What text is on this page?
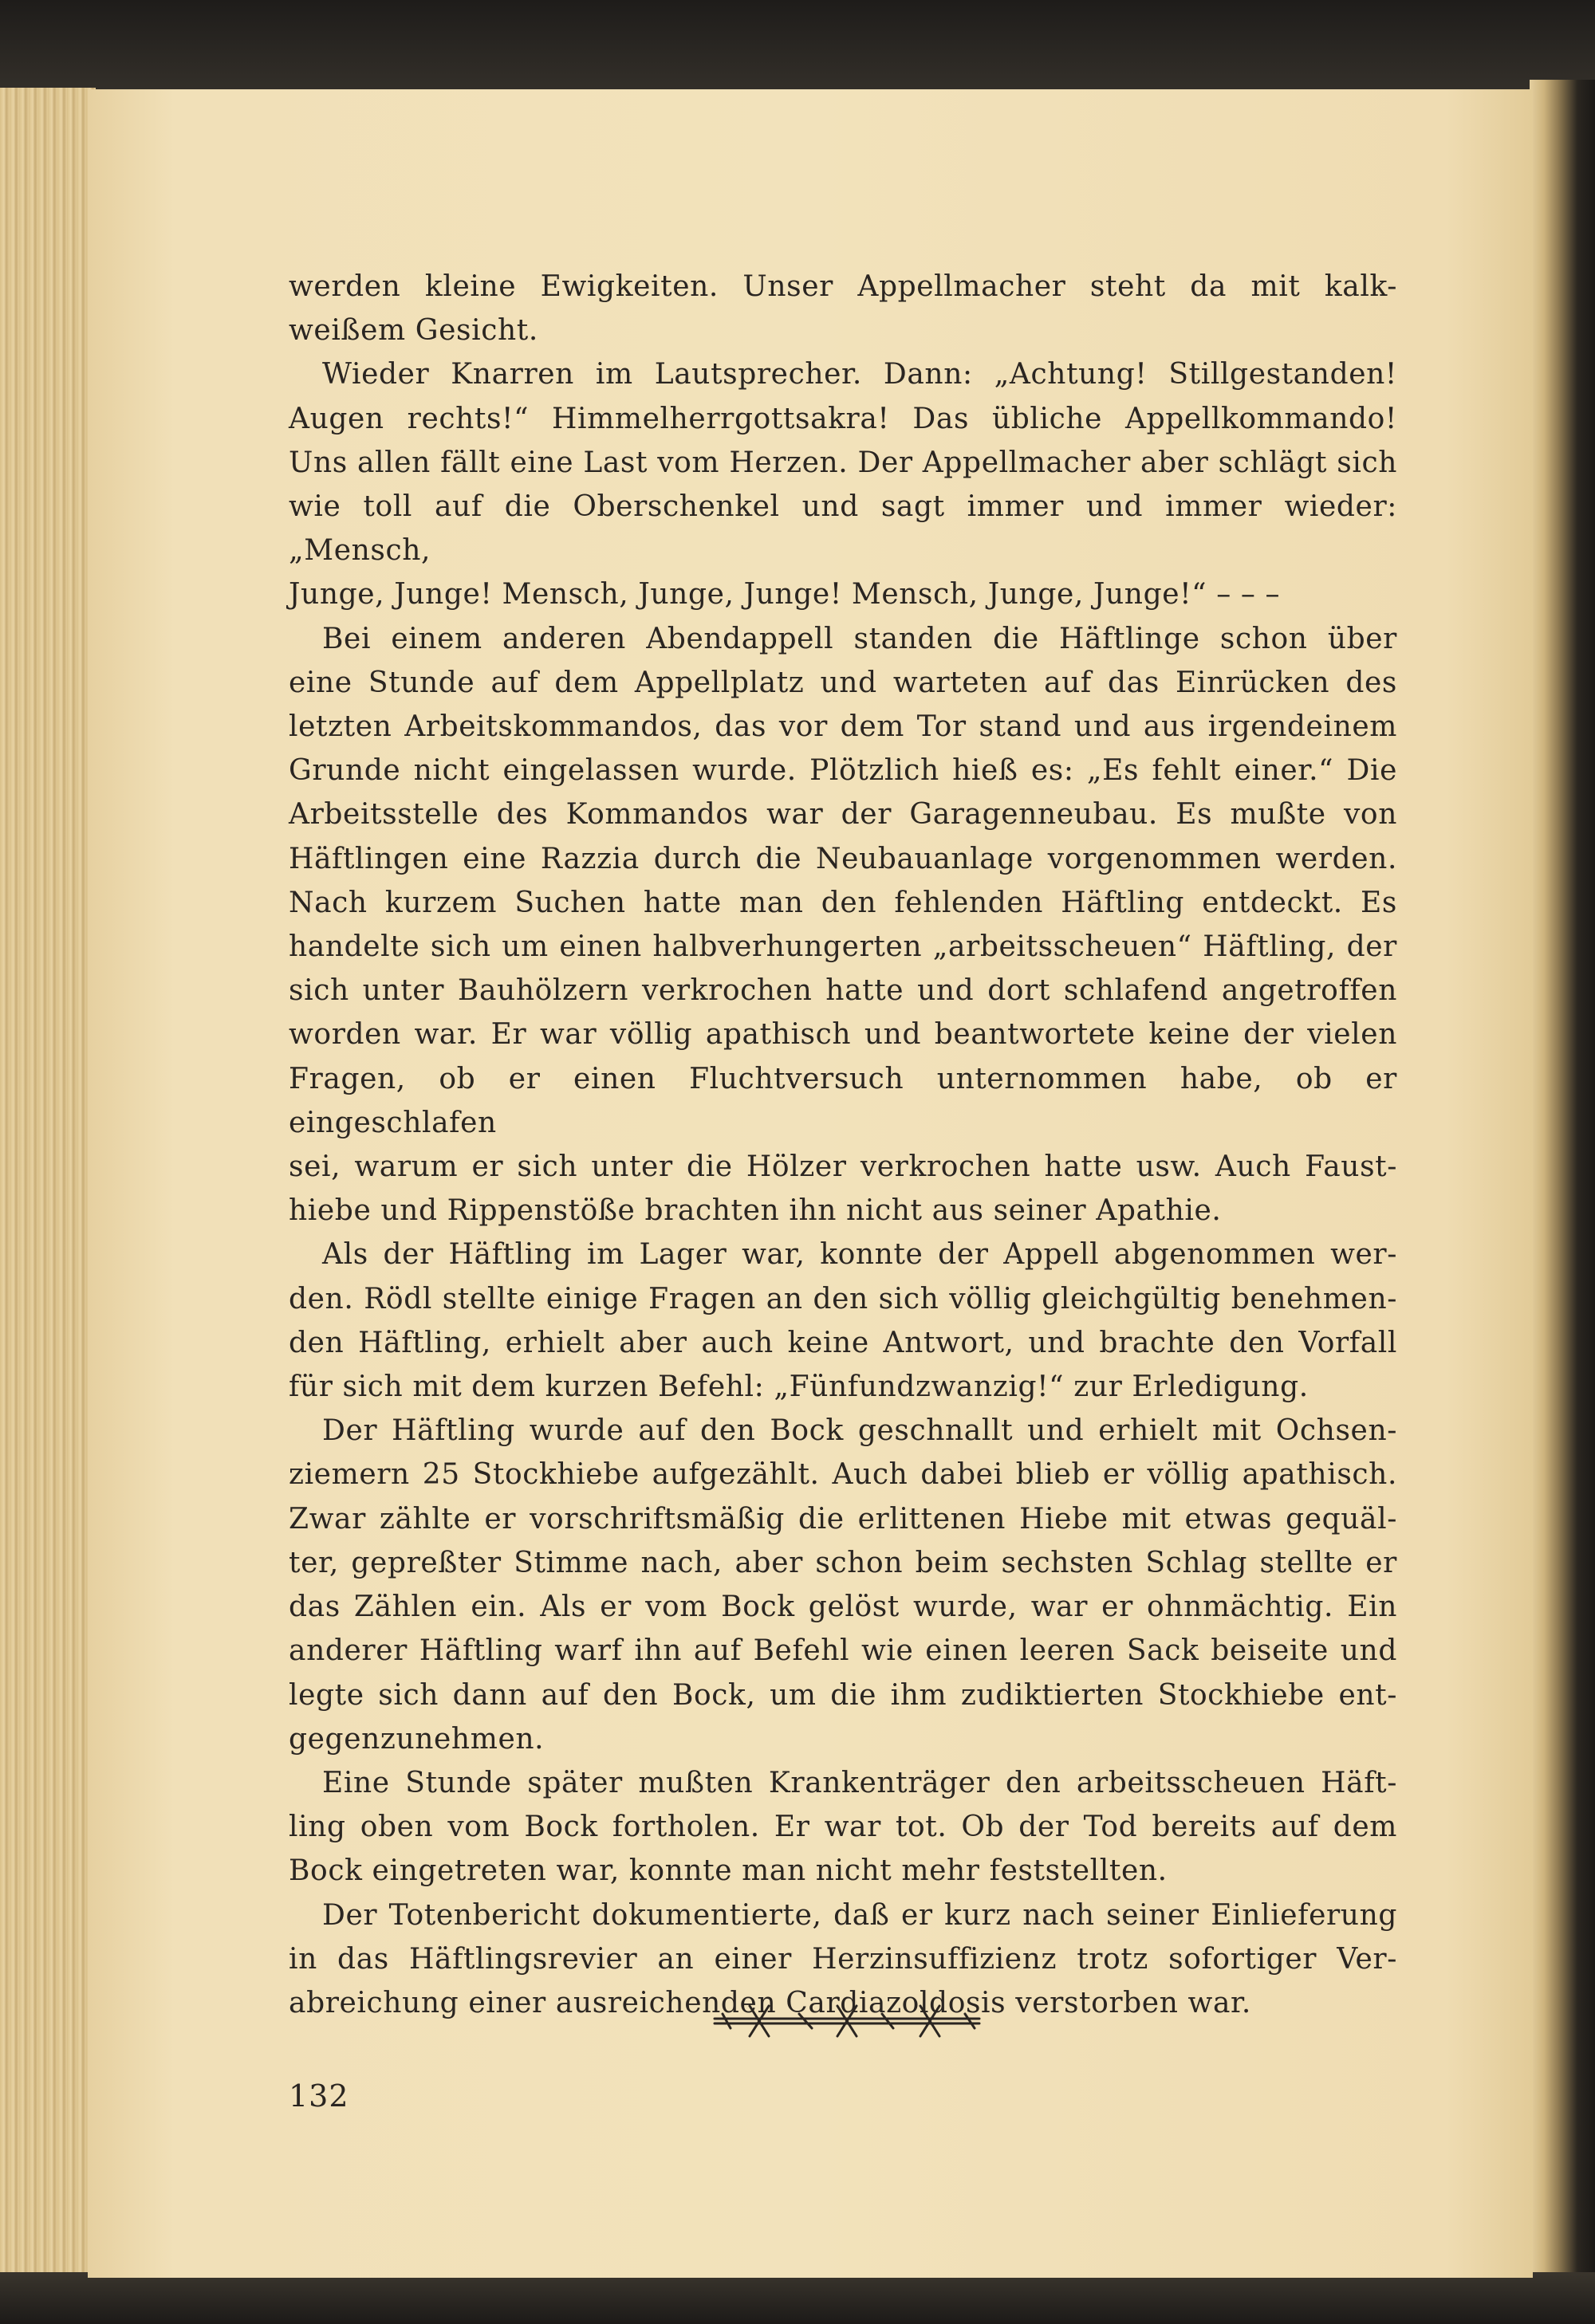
werden kleine Ewigkeiten. Unser Appellmacher steht da mit kalk-

weißem Gesicht.

Wieder Knarren im Lautsprecher. Dann: „Achtung! Stillgestanden!

Augen rechts!“ Himmelherrgottsakra! Das übliche Appellkommando!

Uns allen fällt eine Last vom Herzen. Der Appellmacher aber schlägt sich

wie toll auf die Oberschenkel und sagt immer und immer wieder: „Mensch,

Junge, Junge! Mensch, Junge, Junge! Mensch, Junge, Junge!“ – – –

Bei einem anderen Abendappell standen die Häftlinge schon über

eine Stunde auf dem Appellplatz und warteten auf das Einrücken des

letzten Arbeitskommandos, das vor dem Tor stand und aus irgendeinem

Grunde nicht eingelassen wurde. Plötzlich hieß es: „Es fehlt einer.“ Die

Arbeitsstelle des Kommandos war der Garagenneubau. Es mußte von

Häftlingen eine Razzia durch die Neubauanlage vorgenommen werden.

Nach kurzem Suchen hatte man den fehlenden Häftling entdeckt. Es

handelte sich um einen halbverhungerten „arbeitsscheuen“ Häftling, der

sich unter Bauhölzern verkrochen hatte und dort schlafend angetroffen

worden war. Er war völlig apathisch und beantwortete keine der vielen

Fragen, ob er einen Fluchtversuch unternommen habe, ob er eingeschlafen

sei, warum er sich unter die Hölzer verkrochen hatte usw. Auch Faust-

hiebe und Rippenstöße brachten ihn nicht aus seiner Apathie.

Als der Häftling im Lager war, konnte der Appell abgenommen wer-

den. Rödl stellte einige Fragen an den sich völlig gleichgültig benehmen-

den Häftling, erhielt aber auch keine Antwort, und brachte den Vorfall

für sich mit dem kurzen Befehl: „Fünfundzwanzig!“ zur Erledigung.

Der Häftling wurde auf den Bock geschnallt und erhielt mit Ochsen-

ziemern 25 Stockhiebe aufgezählt. Auch dabei blieb er völlig apathisch.

Zwar zählte er vorschriftsmäßig die erlittenen Hiebe mit etwas gequäl-

ter, gepreßter Stimme nach, aber schon beim sechsten Schlag stellte er

das Zählen ein. Als er vom Bock gelöst wurde, war er ohnmächtig. Ein

anderer Häftling warf ihn auf Befehl wie einen leeren Sack beiseite und

legte sich dann auf den Bock, um die ihm zudiktierten Stockhiebe ent-

gegenzunehmen.

Eine Stunde später mußten Krankenträger den arbeitsscheuen Häft-

ling oben vom Bock fortholen. Er war tot. Ob der Tod bereits auf dem

Bock eingetreten war, konnte man nicht mehr feststellten.

Der Totenbericht dokumentierte, daß er kurz nach seiner Einlieferung

in das Häftlingsrevier an einer Herzinsuffizienz trotz sofortiger Ver-

abreichung einer ausreichenden Cardiazoldosis verstorben war.

132
